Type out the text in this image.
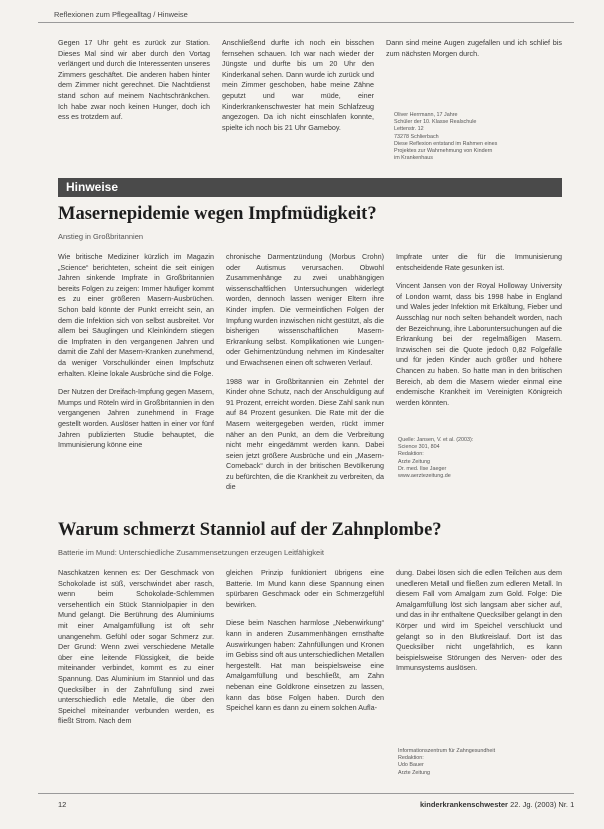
Reflexionen zum Pflegealltag / Hinweise

Gegen 17 Uhr geht es zurück zur Station. Dieses Mal sind wir aber durch den Vortag verlängert und durch die Interessenten unseres Zimmers geschäftet. Die anderen haben hinter dem Zimmer nicht gerechnet. Die Nachtdienst stand schon auf meinem Nachtschränkchen. Ich habe zwar noch keinen Hunger, doch ich ess es trotzdem auf.

Anschließend durfte ich noch ein bisschen fernsehen schauen. Ich war nach wieder der Jüngste und durfte bis um 20 Uhr den Kinderkanal sehen. Dann wurde ich zurück und mein Zimmer geschoben, habe meine Zähne geputzt und war müde, einer Kinderkrankenschwester hat mein Schlafzeug angezogen. Da ich nicht einschlafen konnte, spielte ich noch bis 21 Uhr Gameboy.

Dann sind meine Augen zugefallen und ich schlief bis zum nächsten Morgen durch.

Oliver Herrmann, 17 Jahre
Schüler der 10. Klasse Realschule
Lettenstr. 12
73278 Schlierbach
Diese Reflexion entstand im Rahmen eines
Projektes zur Wahrnehmung von Kindern
im Krankenhaus
Hinweise
Masernepidemie wegen Impfmüdigkeit?
Anstieg in Großbritannien

Wie britische Mediziner kürzlich im Magazin „Science“ berichteten, scheint die seit einigen Jahren sinkende Impfrate in Großbritannien bereits Folgen zu zeigen: Immer häufiger kommt es zu einer größeren Masern-Ausbrüchen. Schon bald könnte der Punkt erreicht sein, an dem die Infektion sich von selbst ausbreitet. Vor allem bei Säuglingen und Kleinkindern stiegen die Impfraten in den vergangenen Jahren und damit die Zahl der Masern-Kranken zunehmend, da weniger Vorschulkinder einen Impfschutz erhalten. Kleine lokale Ausbrüche sind die Folge.

Der Nutzen der Dreifach-Impfung gegen Masern, Mumps und Röteln wird in Großbritannien in den vergangenen Jahren zunehmend in Frage gestellt worden. Auslöser hatten in einer vor fünf Jahren publizierten Studie behauptet, die Immunisierung könne eine

chronische Darmentzündung (Morbus Crohn) oder Autismus verursachen. Obwohl Zusammenhänge zu zwei unabhängigen wissenschaftlichen Untersuchungen widerlegt worden, dennoch lassen weniger Eltern ihre Kinder impfen. Die vermeintlichen Folgen der Impfung wurden inzwischen nicht gestützt, als die bisherigen wissenschaftlichen Masern-Erkrankung selbst. Komplikationen wie Lungen- oder Gehirnentzündung nehmen im Kindesalter und Erwachsenen einen oft schweren Verlauf.

1988 war in Großbritannien ein Zehntel der Kinder ohne Schutz, nach der Anschuldigung auf 91 Prozent, erreicht worden. Diese Zahl sank nun auf 84 Prozent gesunken. Die Rate mit der die Masern weitergegeben werden, rückt immer näher an den Punkt, an dem die Verbreitung nicht mehr eingedämmt werden kann. Dabei seien jetzt größere Ausbrüche und ein „Masern-Comeback“ durch in der britischen Bevölkerung zu befürchten, die die Krankheit zu verbreiten, da die

Impfrate unter die für die Immunisierung entscheidende Rate gesunken ist.

Vincent Jansen von der Royal Holloway University of London warnt, dass bis 1998 habe in England und Wales jeder Infektion mit Erkältung, Fieber und Ausschlag nur noch selten behandelt worden, nach der Bezeichnung, ihre Laboruntersuchungen auf die Erkrankung bei der regelmäßigen Masern. Inzwischen sei die Quote jedoch 0,82 Folgefälle und für jeden Kinder auch größer und höhere Chancen zu haben. So hatte man in den britischen Bereich, ab dem die Masern wieder einmal eine endemische Krankheit im Vereinigten Königreich werden könnten.

Quelle: Jansen, V. et al. (2003):
Science 301, 804
Redaktion:
Ärzte Zeitung
Dr. med. Ilse Jaeger
www.aerztezeitung.de
Warum schmerzt Stanniol auf der Zahnplombe?
Batterie im Mund: Unterschiedliche Zusammensetzungen erzeugen Leitfähigkeit

Naschkatzen kennen es: Der Geschmack von Schokolade ist süß, verschwindet aber rasch, wenn beim Schokolade-Schlemmen versehentlich ein Stück Stanniolpapier in den Mund gelangt. Die Berührung des Aluminiums mit einer Amalgamfüllung ist oft sehr unangenehm. Gefühl oder sogar Schmerz zur. Der Grund: Wenn zwei verschiedene Metalle über eine leitende Flüssigkeit, die beide miteinander verbindet, kommt es zu einer Spannung. Das Aluminium im Stanniol und das Quecksilber in der Zahnfüllung sind zwei unterschiedlich edle Metalle, die über den Speichel miteinander verbunden werden, es fließt Strom. Nach dem

gleichen Prinzip funktioniert übrigens eine Batterie. Im Mund kann diese Spannung einen spürbaren Geschmack oder ein Schmerzgefühl bewirken.

Diese beim Naschen harmlose „Nebenwirkung“ kann in anderen Zusammenhängen ernsthafte Auswirkungen haben: Zahnfüllungen und Kronen im Gebiss sind oft aus unterschiedlichen Metallen hergestellt. Hat man beispielsweise eine Amalgamfüllung und beschließt, am Zahn nebenan eine Goldkrone einsetzen zu lassen, kann das böse Folgen haben. Durch den Speichel kann es dann zu einem solchen Aufla-

dung. Dabei lösen sich die edlen Teilchen aus dem unedleren Metall und fließen zum edleren Metall. In diesem Fall vom Amalgam zum Gold. Folge: Die Amalgamfüllung löst sich langsam aber sicher auf, und das in ihr enthaltene Quecksilber gelangt in den Körper und wird im Speichel verschluckt und gelangt so in den Blutkreislauf. Dort ist das Quecksilber nicht ungefährlich, es kann beispielsweise Störungen des Nerven- oder des Immunsystems auslösen.

Informationszentrum für Zahngesundheit
Redaktion:
Udo Bauer
Ärzte Zeitung
12	kinderkrankenschwester 22. Jg. (2003) Nr. 1
